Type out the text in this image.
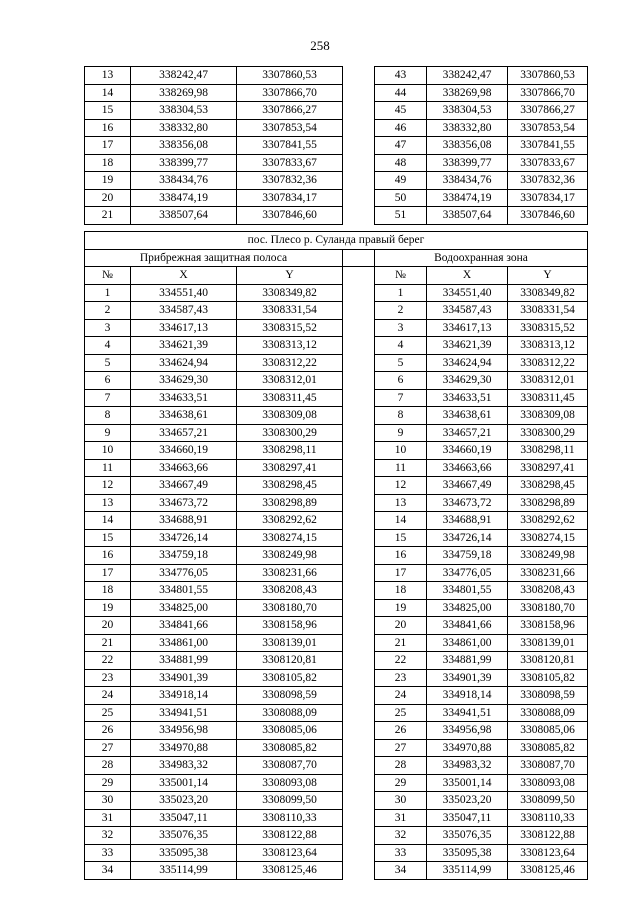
258
13	338242,47	3307860,53		43	338242,47	3307860,53
14	338269,98	3307866,70		44	338269,98	3307866,70
15	338304,53	3307866,27		45	338304,53	3307866,27
16	338332,80	3307853,54		46	338332,80	3307853,54
17	338356,08	3307841,55		47	338356,08	3307841,55
18	338399,77	3307833,67		48	338399,77	3307833,67
19	338434,76	3307832,36		49	338434,76	3307832,36
20	338474,19	3307834,17		50	338474,19	3307834,17
21	338507,64	3307846,60		51	338507,64	3307846,60
пос. Плесо р. Суланда правый берег						
Прибрежная защитная полоса				Водоохранная зона		
№	X	Y		№	X	Y
1	334551,40	3308349,82		1	334551,40	3308349,82
2	334587,43	3308331,54		2	334587,43	3308331,54
3	334617,13	3308315,52		3	334617,13	3308315,52
4	334621,39	3308313,12		4	334621,39	3308313,12
5	334624,94	3308312,22		5	334624,94	3308312,22
6	334629,30	3308312,01		6	334629,30	3308312,01
7	334633,51	3308311,45		7	334633,51	3308311,45
8	334638,61	3308309,08		8	334638,61	3308309,08
9	334657,21	3308300,29		9	334657,21	3308300,29
10	334660,19	3308298,11		10	334660,19	3308298,11
11	334663,66	3308297,41		11	334663,66	3308297,41
12	334667,49	3308298,45		12	334667,49	3308298,45
13	334673,72	3308298,89		13	334673,72	3308298,89
14	334688,91	3308292,62		14	334688,91	3308292,62
15	334726,14	3308274,15		15	334726,14	3308274,15
16	334759,18	3308249,98		16	334759,18	3308249,98
17	334776,05	3308231,66		17	334776,05	3308231,66
18	334801,55	3308208,43		18	334801,55	3308208,43
19	334825,00	3308180,70		19	334825,00	3308180,70
20	334841,66	3308158,96		20	334841,66	3308158,96
21	334861,00	3308139,01		21	334861,00	3308139,01
22	334881,99	3308120,81		22	334881,99	3308120,81
23	334901,39	3308105,82		23	334901,39	3308105,82
24	334918,14	3308098,59		24	334918,14	3308098,59
25	334941,51	3308088,09		25	334941,51	3308088,09
26	334956,98	3308085,06		26	334956,98	3308085,06
27	334970,88	3308085,82		27	334970,88	3308085,82
28	334983,32	3308087,70		28	334983,32	3308087,70
29	335001,14	3308093,08		29	335001,14	3308093,08
30	335023,20	3308099,50		30	335023,20	3308099,50
31	335047,11	3308110,33		31	335047,11	3308110,33
32	335076,35	3308122,88		32	335076,35	3308122,88
33	335095,38	3308123,64		33	335095,38	3308123,64
34	335114,99	3308125,46		34	335114,99	3308125,46
